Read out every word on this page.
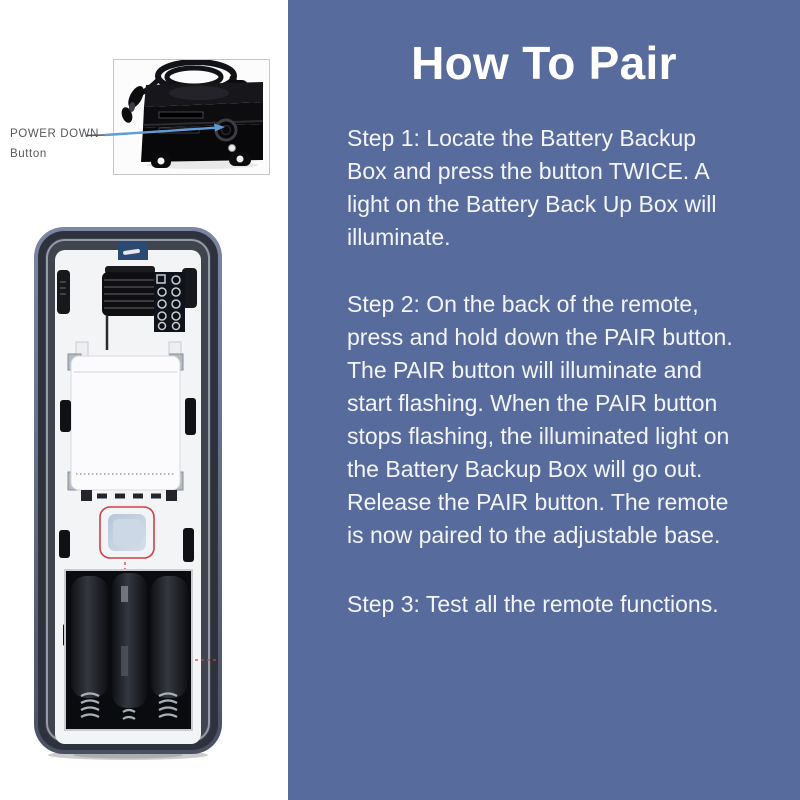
POWER DOWN
Button
How To Pair
Step 1: Locate the Battery Backup
Box and press the button TWICE. A
light on the Battery Back Up Box will
illuminate.
Step 2: On the back of the remote,
press and hold down the PAIR button.
The PAIR button will illuminate and
start flashing. When the PAIR button
stops flashing, the illuminated light on
the Battery Backup Box will go out.
Release the PAIR button. The remote
is now paired to the adjustable base.
Step 3: Test all the remote functions.
